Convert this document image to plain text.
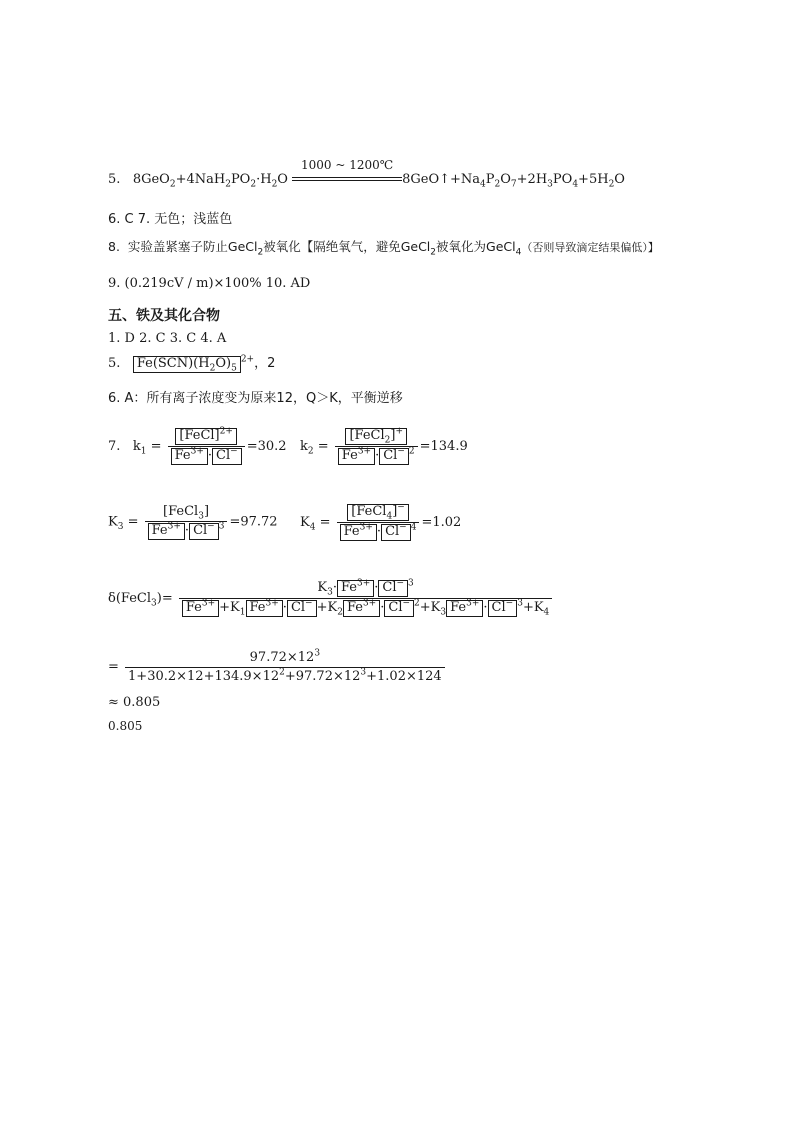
5. $8GeO_2+4NaH_2PO_2\cdot H_2O$
1000 ~ 1200℃
$8GeO↑+Na_4P_2O_7+2H_3PO_4+5H_2O$
6. C 7. 无色；浅蓝色
8. 实验盖紧塞子防止GeCl$_2$被氧化【隔绝氧气，避免GeCl$_2$被氧化为GeCl$_4$（否则导致滴定结果偏低）】
9. (0.219cV / m)×100% 10. AD
五、铁及其化合物
1. D 2. C 3. C 4. A
5. $Fe(SCN)(H_2O)_5^{2+}$，2
6. A：所有离子浓度变为原来12，Q＞K，平衡逆移
7. $k_1 = \frac{[FeCl]^{2+}}{Fe^{3+} \cdot Cl^-} =30.2$ $k_2 = \frac{[FeCl_2]^+}{Fe^{3+} \cdot Cl^- ^2} =134.9$
$K_3 = \frac{[FeCl_3]}{Fe^{3+} \cdot Cl^- ^3} =97.72$ $K_4 = \frac{[FeCl_4]^-}{Fe^{3+} \cdot Cl^- ^4} =1.02$
δ(FeCl$_3$)= $\frac{K_3\cdot Fe^{3+} \cdot Cl^- ^3}{Fe^{3+} +K_1 Fe^{3+} \cdot Cl^- +K_2 Fe^{3+} \cdot Cl^- ^2+K_3 Fe^{3+} \cdot Cl^- ^3+K_4}$
= $\frac{97.72\times 12^3}{1+30.2\times 12+134.9\times 12^2+97.72\times 12^3+1.02\times 124}$
≈ 0.805
0.805
